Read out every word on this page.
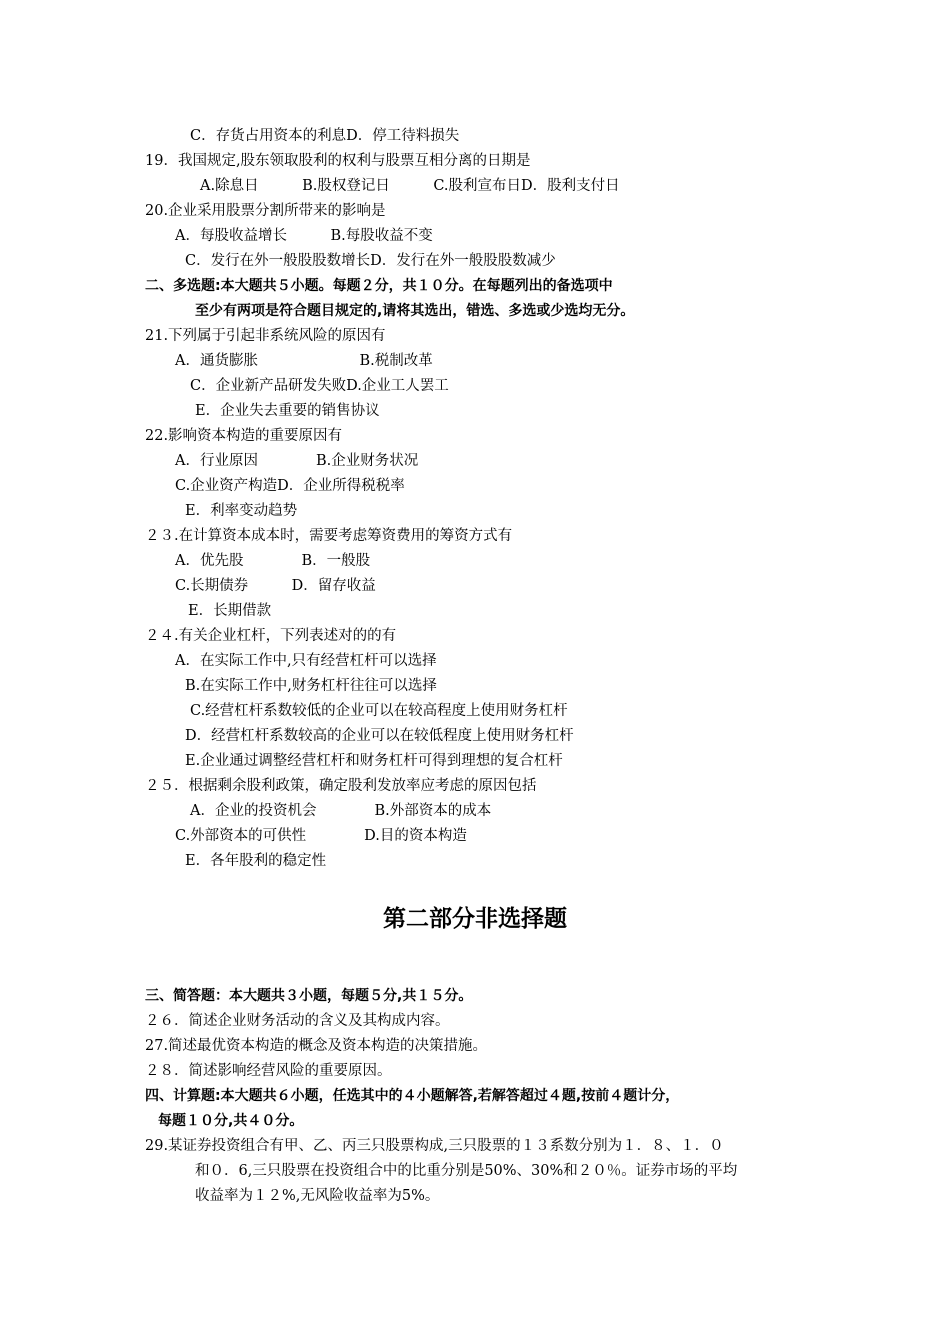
C．存货占用资本的利息D．停工待料损失
19．我国规定,股东领取股利的权利与股票互相分离的日期是
A.除息日　　　B.股权登记日　　　C.股利宣布日D．股利支付日
20.企业采用股票分割所带来的影响是
A．每股收益增长　　　B.每股收益不变
C．发行在外一般股股数增长D．发行在外一般股股数减少
二、多选题:本大题共５小题。每题２分，共１０分。在每题列出的备选项中
至少有两项是符合题目规定的,请将其选出，错选、多选或少选均无分。
21.下列属于引起非系统风险的原因有
A．通货膨胀　　　　　　　B.税制改革
C．企业新产品研发失败D.企业工人罢工
E．企业失去重要的销售协议
22.影响资本构造的重要原因有
A．行业原因　　　　B.企业财务状况
C.企业资产构造D．企业所得税税率
E．利率变动趋势
２３.在计算资本成本时，需要考虑筹资费用的筹资方式有
A．优先股　　　　B．一般股
C.长期债券　　　D．留存收益
E．长期借款
２４.有关企业杠杆，下列表述对的的有
A．在实际工作中,只有经营杠杆可以选择
B.在实际工作中,财务杠杆往往可以选择
C.经营杠杆系数较低的企业可以在较高程度上使用财务杠杆
D．经营杠杆系数较高的企业可以在较低程度上使用财务杠杆
E.企业通过调整经营杠杆和财务杠杆可得到理想的复合杠杆
２５．根据剩余股利政策，确定股利发放率应考虑的原因包括
A．企业的投资机会　　　　B.外部资本的成本
C.外部资本的可供性　　　　D.目的资本构造
E．各年股利的稳定性
第二部分非选择题
三、简答题：本大题共３小题，每题５分,共１５分。
２６．简述企业财务活动的含义及其构成内容。
27.简述最优资本构造的概念及资本构造的决策措施。
２８．简述影响经营风险的重要原因。
四、计算题:本大题共６小题，任选其中的４小题解答,若解答超过４题,按前４题计分，
每题１０分,共４０分。
29.某证券投资组合有甲、乙、丙三只股票构成,三只股票的１３系数分别为１．８、１．０
和０．6,三只股票在投资组合中的比重分别是50%、30%和２０％。证券市场的平均
收益率为１２%,无风险收益率为5%。
